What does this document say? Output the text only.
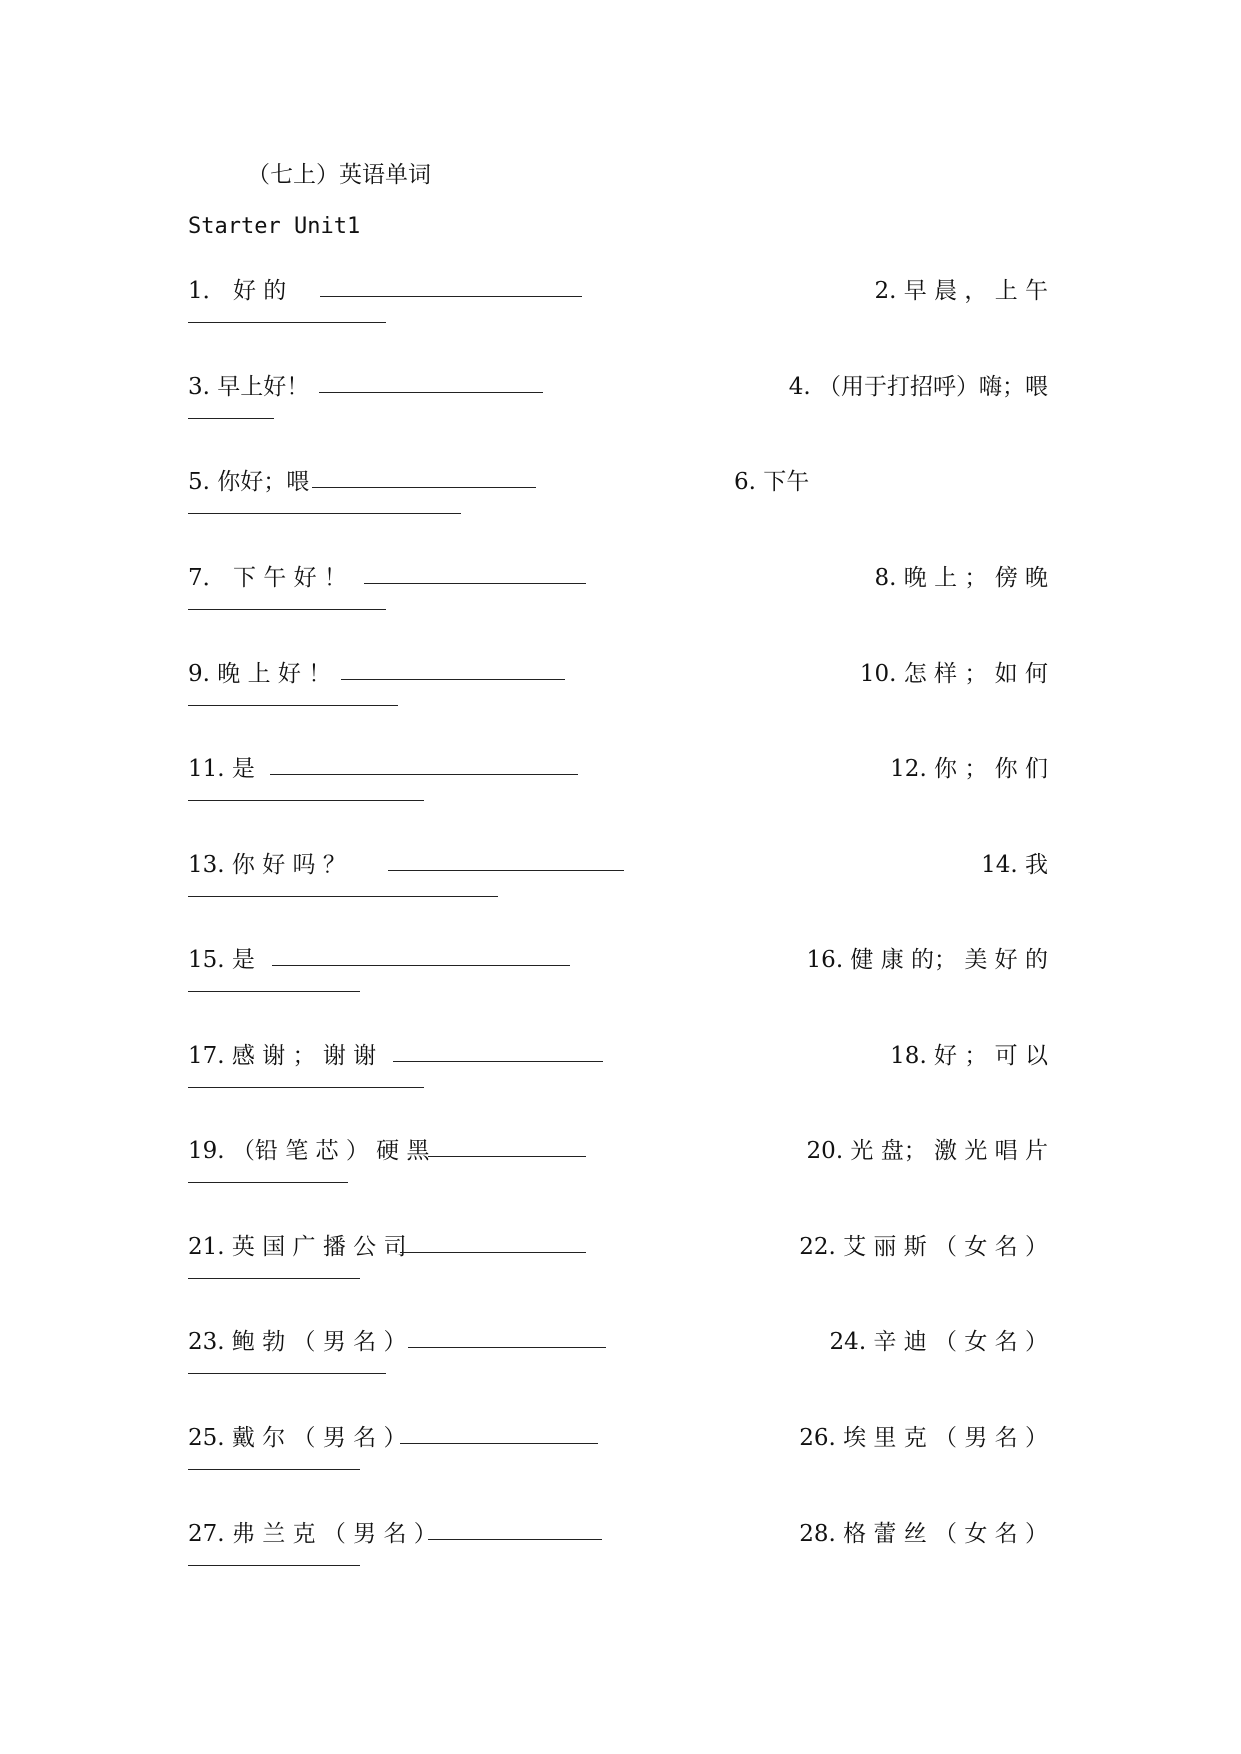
（七上）英语单词
Starter Unit1
1． 好 的	2. 早 晨 ， 上 午
3. 早上好！	4. （用于打招呼）嗨；喂
5. 你好；喂	6. 下午
7． 下 午 好 ！	8. 晚 上 ； 傍 晚
9. 晚 上 好 ！	10. 怎 样 ； 如 何
11. 是	12. 你 ； 你 们
13. 你 好 吗 ？	14. 我
15. 是	16. 健 康 的； 美 好 的
17. 感 谢 ； 谢 谢	18. 好 ； 可 以
19. （铅 笔 芯 ） 硬 黑	20. 光 盘； 激 光 唱 片
21. 英 国 广 播 公 司	22. 艾 丽 斯 （ 女 名 ）
23. 鲍 勃 （ 男 名 ）	24. 辛 迪 （ 女 名 ）
25. 戴 尔 （ 男 名 ）	26. 埃 里 克 （ 男 名 ）
27. 弗 兰 克 （ 男 名 ）	28. 格 蕾 丝 （ 女 名 ）
